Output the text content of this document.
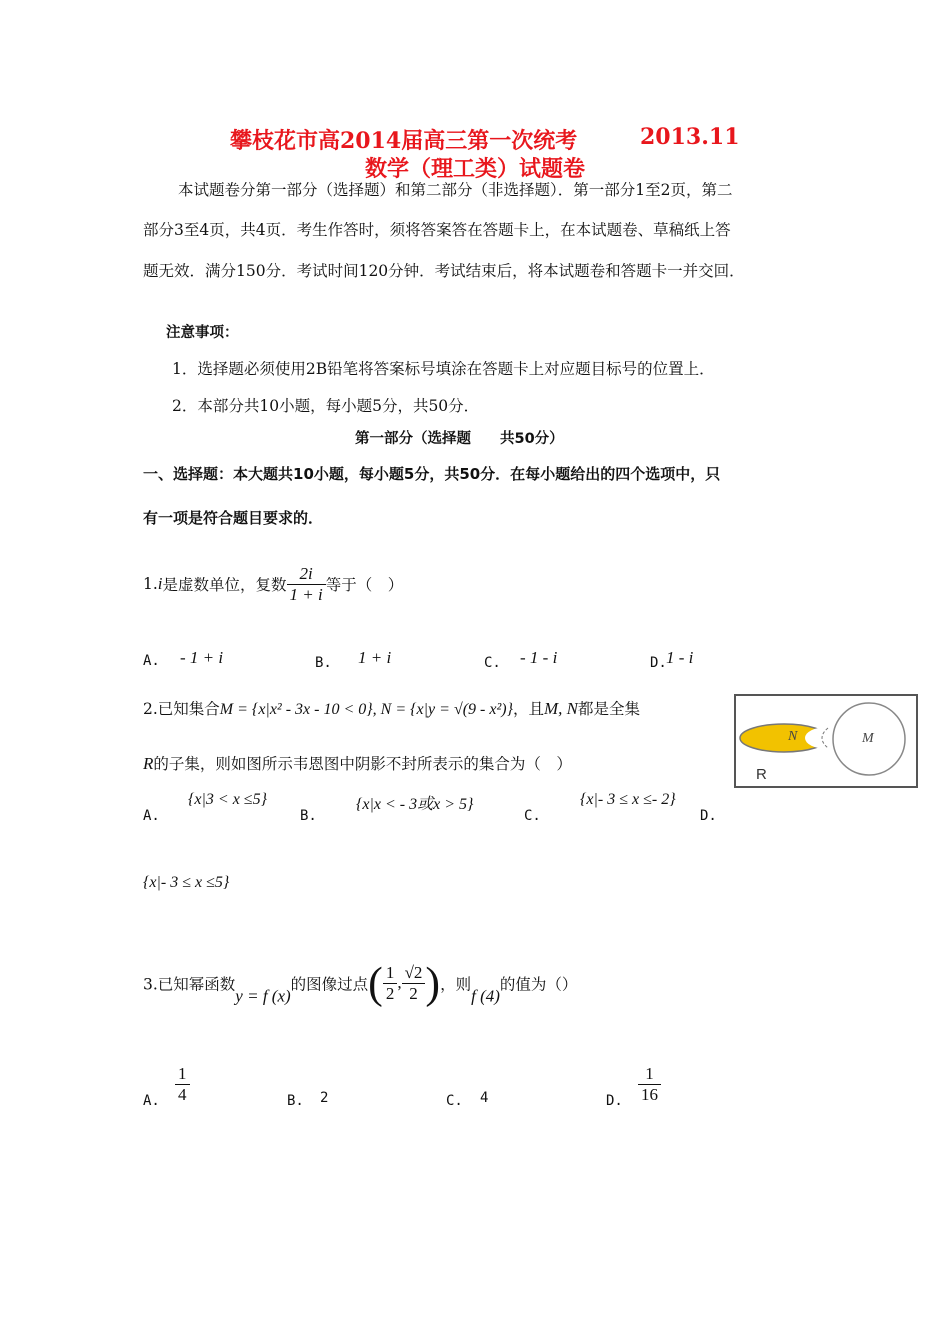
攀枝花市高2014届高三第一次统考	2013.11
数学（理工类）试题卷
本试题卷分第一部分（选择题）和第二部分（非选择题）．第一部分1至2页，第二
部分3至4页，共4页．考生作答时，须将答案答在答题卡上，在本试题卷、草稿纸上答
题无效．满分150分．考试时间120分钟．考试结束后，将本试题卷和答题卡一并交回．
注意事项：
1．选择题必须使用2B铅笔将答案标号填涂在答题卡上对应题目标号的位置上．
2．本部分共10小题，每小题5分，共50分．
第一部分（选择题　　共50分）
一、选择题：本大题共10小题，每小题5分，共50分．在每小题给出的四个选项中，只
有一项是符合题目要求的．
1.i是虚数单位，复数 $\frac{2i}{1 + i}$ 等于（　）
A. - 1 + i	B. 1 + i	C. - 1 - i	D. 1 - i
2.已知集合M = {x|x² - 3x - 10 < 0}, N = {x|y = √(9 - x²)}，且M, N都是全集
R的子集，则如图所示韦恩图中阴影不封所表示的集合为（　）
N	M
R
A.
{x|3 < x ≤5}
B.
{x|x < - 3或x > 5}
C.
{x|- 3 ≤ x ≤- 2}
D.
{x|- 3 ≤ x ≤5}
3.已知幂函数y = f (x)的图像过点( $\frac{1}{2}$ , $\frac{√2}{2}$ )，则f (4)的值为（）
A. $\frac{1}{4}$	B. 2	C. 4	D. $\frac{1}{16}$
